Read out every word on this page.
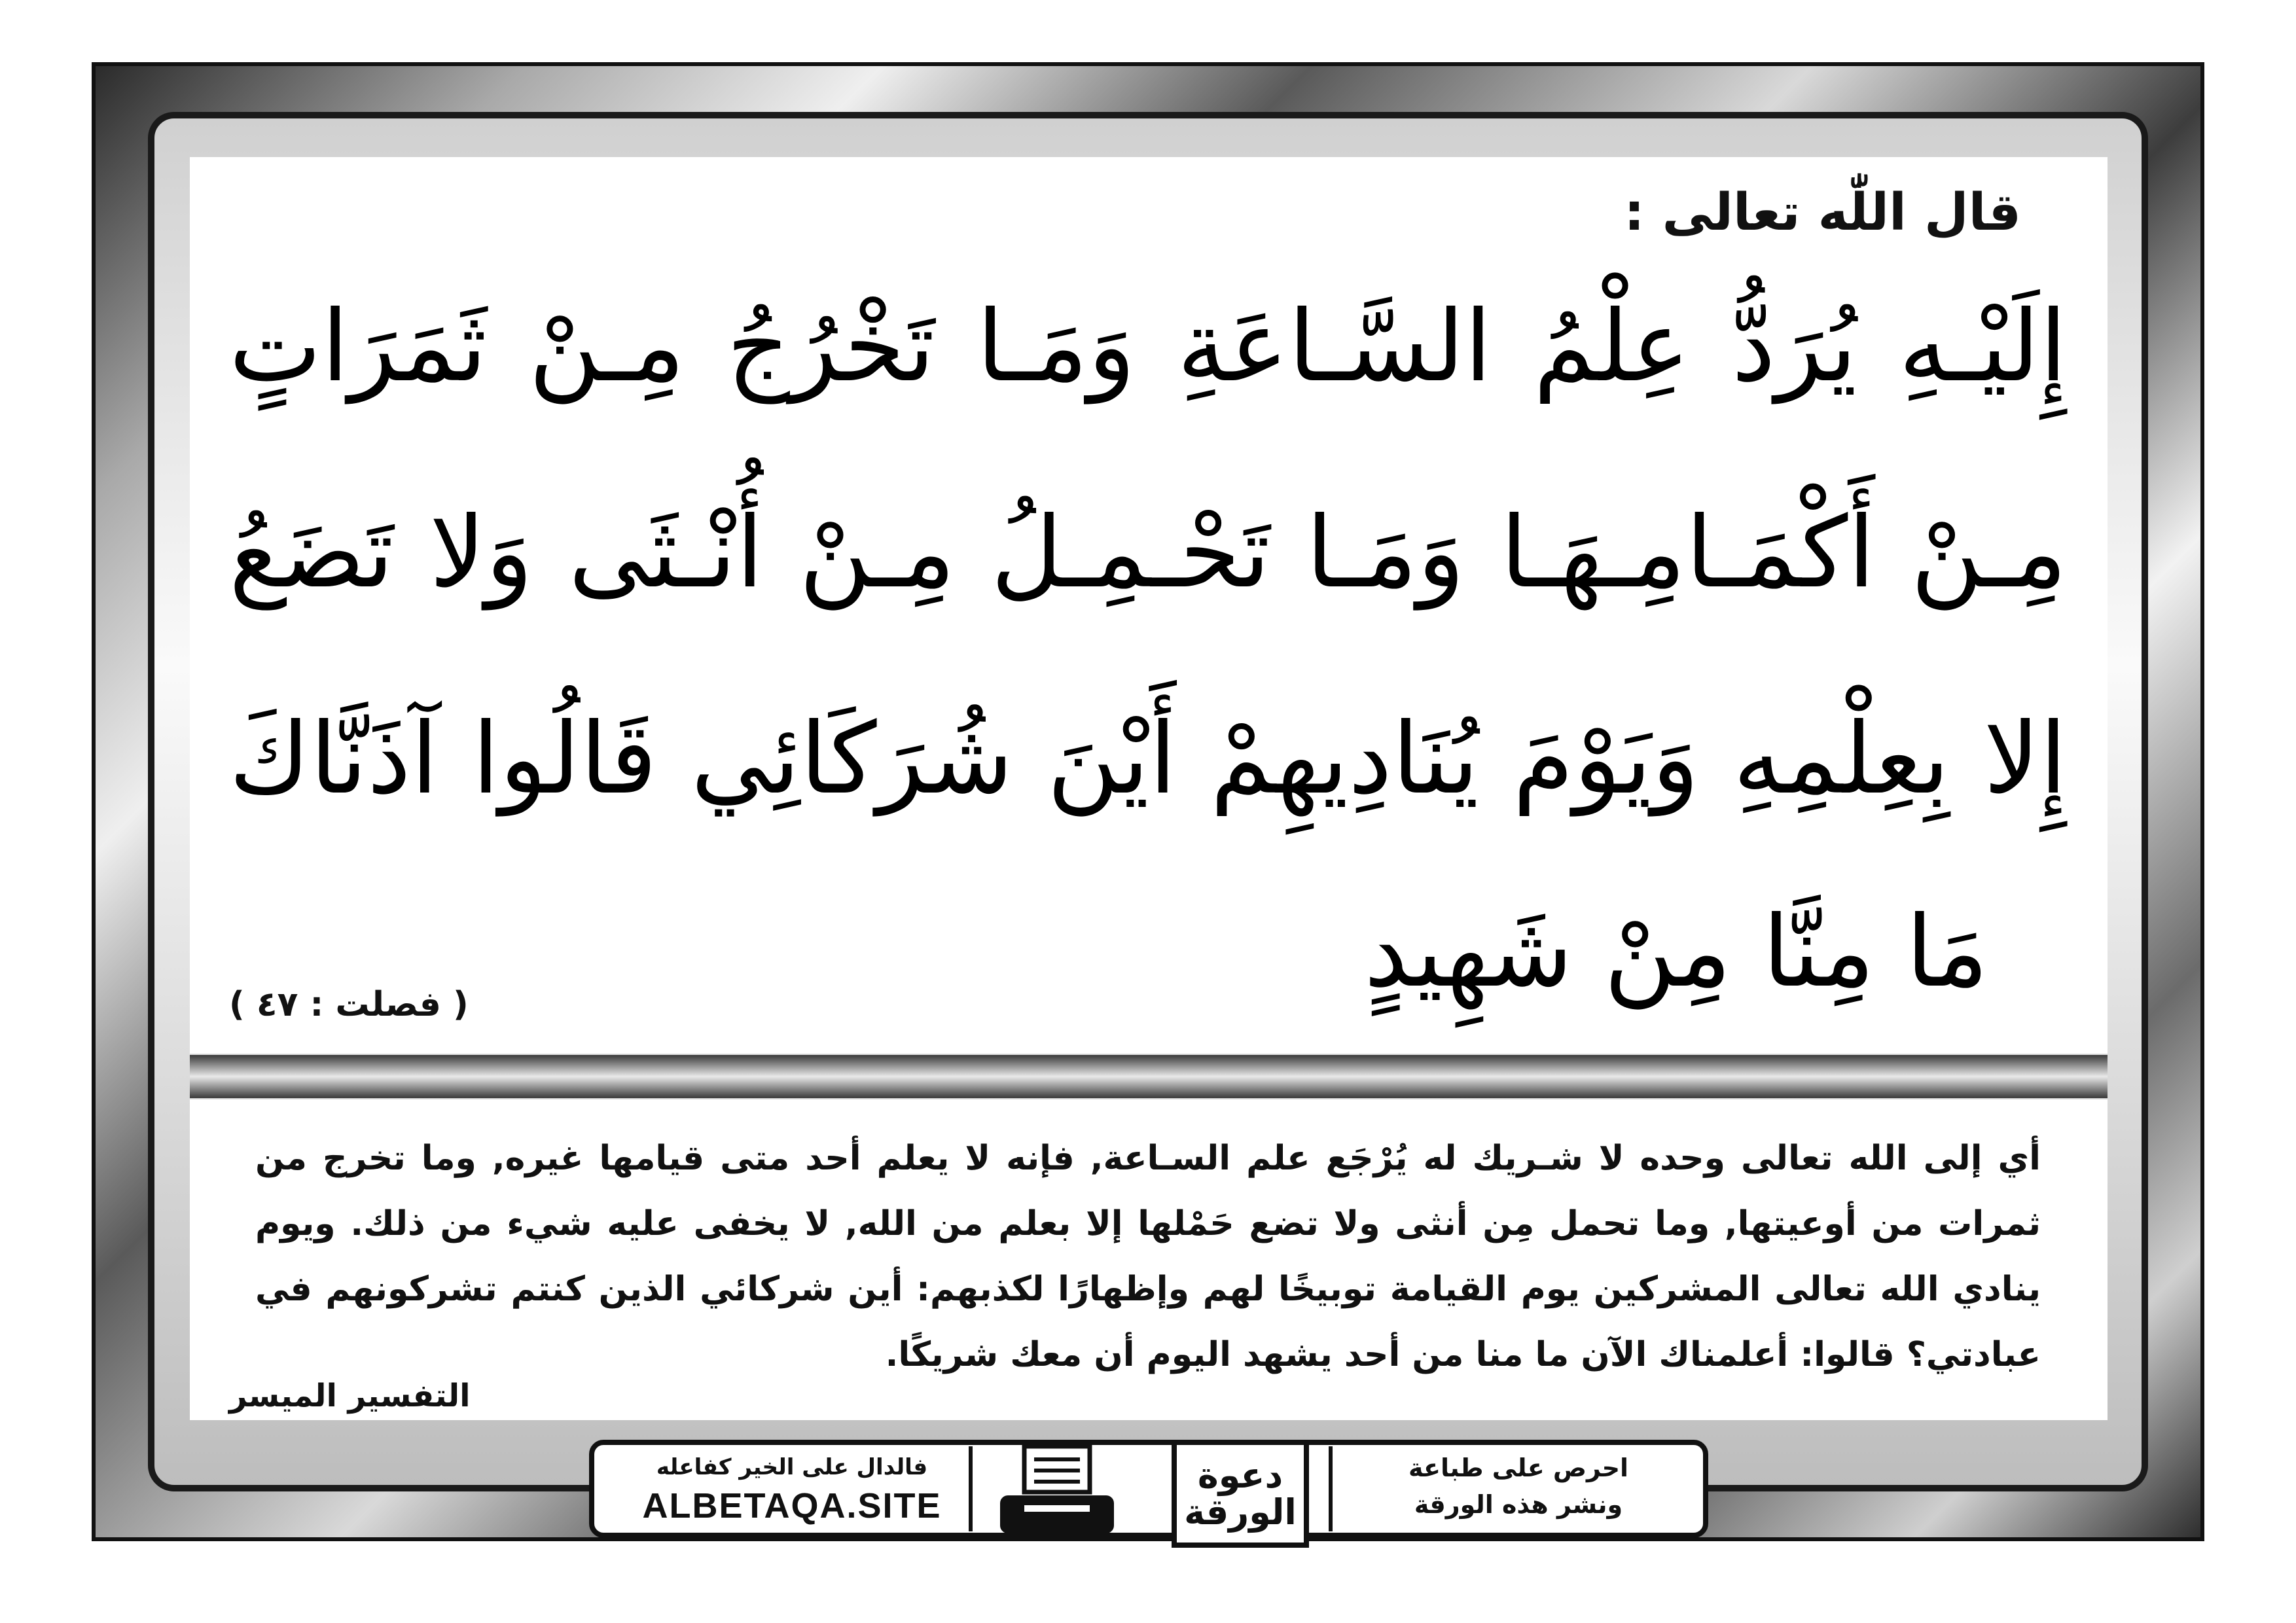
قال اللّٰه تعالى :
إِلَيْـهِ يُرَدُّ عِلْمُ السَّـاعَةِ وَمَـا تَخْرُجُ مِـنْ ثَمَرَاتٍ
مِـنْ أَكْمَـامِـهَـا وَمَـا تَحْـمِـلُ مِـنْ أُنْـثَى وَلا تَضَعُ
إِلا بِعِلْمِهِ وَيَوْمَ يُنَادِيهِمْ أَيْنَ شُرَكَائِي قَالُوا آذَنَّاكَ
مَا مِنَّا مِنْ شَهِيدٍ
( فصلت : ٤٧ )
أي إلى الله تعالى وحده لا شـريك له يُرْجَع علم السـاعة, فإنه لا يعلم أحد متى قيامها غيره, وما تخرج من ثمرات من أوعيتها, وما تحمل مِن أنثى ولا تضع حَمْلها إلا بعلم من الله, لا يخفى عليه شيء من ذلك. ويوم ينادي الله تعالى المشركين يوم القيامة توبيخًا لهم وإظهارًا لكذبهم: أين شركائي الذين كنتم تشركونهم في عبادتي؟ قالوا: أعلمناك الآن ما منا من أحد يشهد اليوم أن معك شريكًا.
التفسير الميسر
فالدال على الخير كفاعله
ALBETAQA.SITE
دعوة الورقة
احرص على طباعة
ونشر هذه الورقة
